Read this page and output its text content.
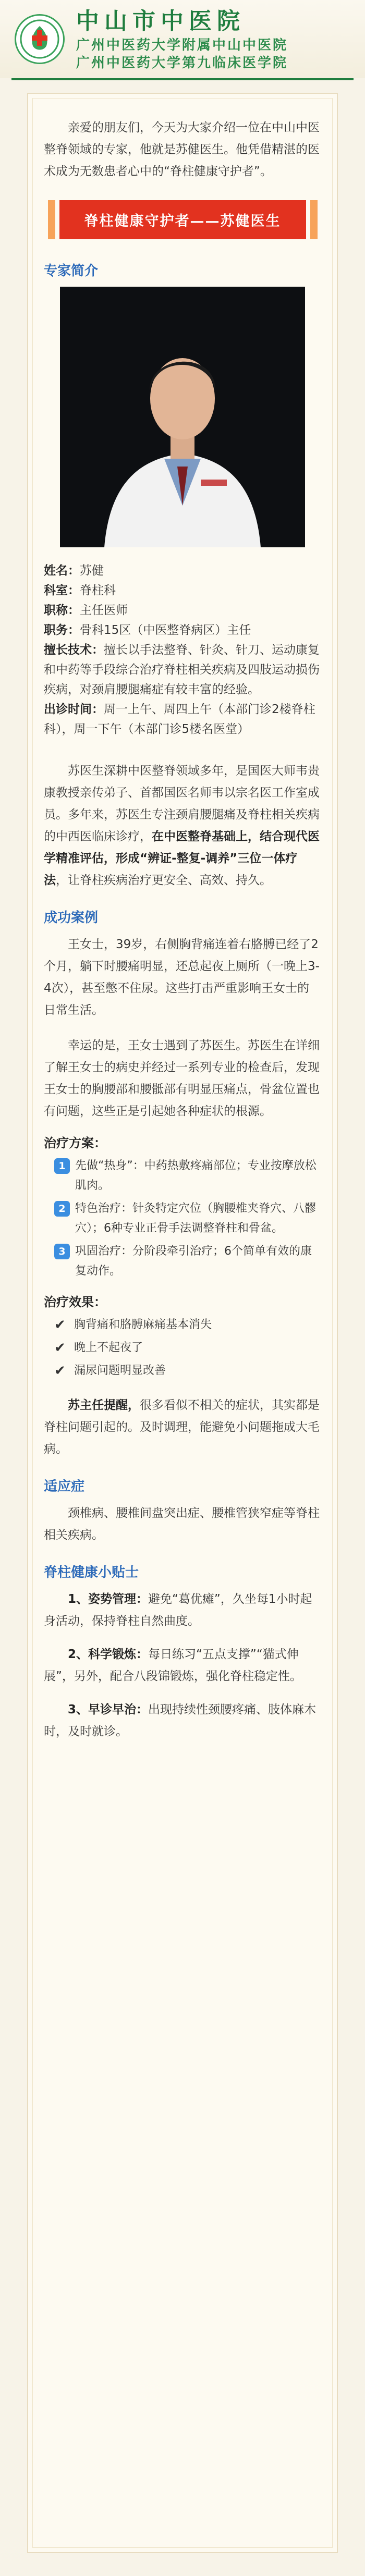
中山市中医院
广州中医药大学附属中山中医院
广州中医药大学第九临床医学院

亲爱的朋友们，今天为大家介绍一位在中山中医整脊领域的专家，他就是苏健医生。他凭借精湛的医术成为无数患者心中的“脊柱健康守护者”。

脊柱健康守护者——苏健医生
专家简介
姓名：苏健
科室：脊柱科
职称：主任医师
职务：骨科15区（中医整脊病区）主任
擅长技术：擅长以手法整脊、针灸、针刀、运动康复和中药等手段综合治疗脊柱相关疾病及四肢运动损伤疾病，对颈肩腰腿痛症有较丰富的经验。
出诊时间：周一上午、周四上午（本部门诊2楼脊柱科），周一下午（本部门诊5楼名医堂）

苏医生深耕中医整脊领域多年，是国医大师韦贵康教授亲传弟子、首都国医名师韦以宗名医工作室成员。多年来，苏医生专注颈肩腰腿痛及脊柱相关疾病的中西医临床诊疗，在中医整脊基础上，结合现代医学精准评估，形成“辨证-整复-调养”三位一体疗法，让脊柱疾病治疗更安全、高效、持久。

成功案例

王女士，39岁，右侧胸背痛连着右胳膊已经了2个月，躺下时腰痛明显，还总起夜上厕所（一晚上3-4次），甚至憋不住尿。这些打击严重影响王女士的日常生活。

幸运的是，王女士遇到了苏医生。苏医生在详细了解王女士的病史并经过一系列专业的检查后，发现王女士的胸腰部和腰骶部有明显压痛点，骨盆位置也有问题，这些正是引起她各种症状的根源。

治疗方案：
1 先做“热身”：中药热敷疼痛部位；专业按摩放松肌肉。
2 特色治疗：针灸特定穴位（胸腰椎夹脊穴、八髎穴）；6种专业正骨手法调整脊柱和骨盆。
3 巩固治疗：分阶段牵引治疗；6个简单有效的康复动作。
治疗效果：
✔ 胸背痛和胳膊麻痛基本消失
✔ 晚上不起夜了
✔ 漏尿问题明显改善

苏主任提醒，很多看似不相关的症状，其实都是脊柱问题引起的。及时调理，能避免小问题拖成大毛病。

适应症

颈椎病、腰椎间盘突出症、腰椎管狭窄症等脊柱相关疾病。

脊柱健康小贴士

1、姿势管理：避免“葛优瘫”，久坐每1小时起身活动，保持脊柱自然曲度。

2、科学锻炼：每日练习“五点支撑”“猫式伸展”，另外，配合八段锦锻炼，强化脊柱稳定性。

3、早诊早治：出现持续性颈腰疼痛、肢体麻木时，及时就诊。
